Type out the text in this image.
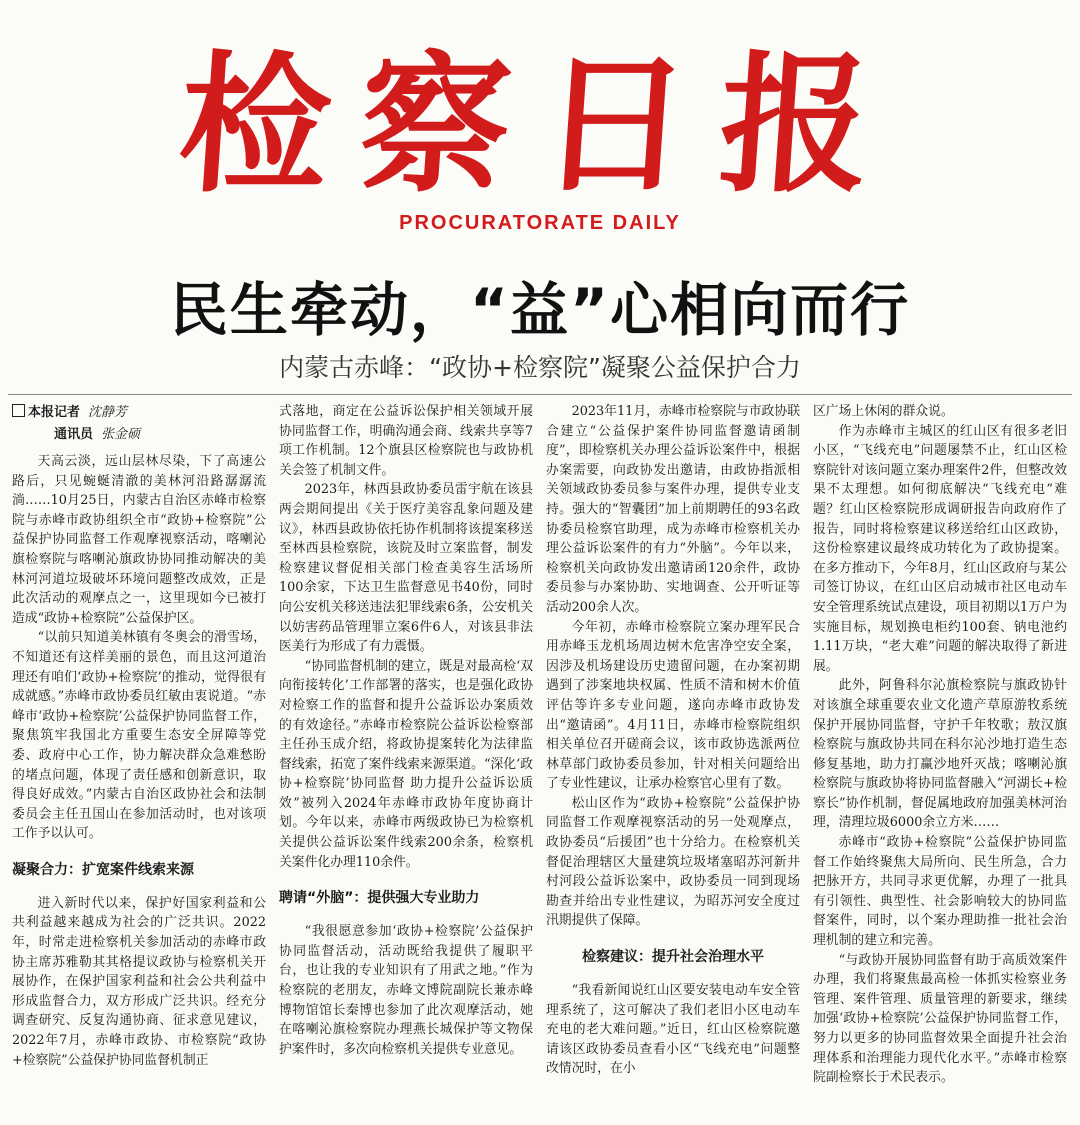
检察日报
PROCURATORATE DAILY
民生牵动，“益”心相向而行
内蒙古赤峰：“政协+检察院”凝聚公益保护合力
本报记者 沈静芳
通讯员 张金硕

天高云淡，远山层林尽染，下了高速公路后，只见蜿蜒清澈的美林河沿路潺潺流淌……10月25日，内蒙古自治区赤峰市检察院与赤峰市政协组织全市“政协+检察院”公益保护协同监督工作观摩视察活动，喀喇沁旗检察院与喀喇沁旗政协协同推动解决的美林河河道垃圾破坏环境问题整改成效，正是此次活动的观摩点之一，这里现如今已被打造成“政协+检察院”公益保护区。

“以前只知道美林镇有冬奥会的滑雪场，不知道还有这样美丽的景色，而且这河道治理还有咱们‘政协+检察院’的推动，觉得很有成就感。”赤峰市政协委员红敏由衷说道。“赤峰市‘政协+检察院’公益保护协同监督工作，聚焦筑牢我国北方重要生态安全屏障等党委、政府中心工作，协力解决群众急难愁盼的堵点问题，体现了责任感和创新意识，取得良好成效。”内蒙古自治区政协社会和法制委员会主任丑国山在参加活动时，也对该项工作予以认可。

凝聚合力：扩宽案件线索来源

进入新时代以来，保护好国家利益和公共利益越来越成为社会的广泛共识。2022年，时常走进检察机关参加活动的赤峰市政协主席苏雅勒其其格提议政协与检察机关开展协作，在保护国家利益和社会公共利益中形成监督合力，双方形成广泛共识。经充分调查研究、反复沟通协商、征求意见建议，2022年7月，赤峰市政协、市检察院“政协+检察院”公益保护协同监督机制正

式落地，商定在公益诉讼保护相关领域开展协同监督工作，明确沟通会商、线索共享等7项工作机制。12个旗县区检察院也与政协机关会签了机制文件。

2023年，林西县政协委员雷宇航在该县两会期间提出《关于医疗美容乱象问题及建议》，林西县政协依托协作机制将该提案移送至林西县检察院，该院及时立案监督，制发检察建议督促相关部门检查美容生活场所100余家，下达卫生监督意见书40份，同时向公安机关移送违法犯罪线索6条，公安机关以妨害药品管理罪立案6件6人，对该县非法医美行为形成了有力震慑。

“协同监督机制的建立，既是对最高检‘双向衔接转化’工作部署的落实，也是强化政协对检察工作的监督和提升公益诉讼办案质效的有效途径。”赤峰市检察院公益诉讼检察部主任孙玉成介绍，将政协提案转化为法律监督线索，拓宽了案件线索来源渠道。“深化‘政协+检察院’协同监督 助力提升公益诉讼质效”被列入2024年赤峰市政协年度协商计划。今年以来，赤峰市两级政协已为检察机关提供公益诉讼案件线索200余条，检察机关案件化办理110余件。

聘请“外脑”：提供强大专业助力

“我很愿意参加‘政协+检察院’公益保护协同监督活动，活动既给我提供了履职平台，也让我的专业知识有了用武之地。”作为检察院的老朋友，赤峰文博院副院长兼赤峰博物馆馆长秦博也参加了此次观摩活动，她在喀喇沁旗检察院办理燕长城保护等文物保护案件时，多次向检察机关提供专业意见。

2023年11月，赤峰市检察院与市政协联合建立“公益保护案件协同监督邀请函制度”，即检察机关办理公益诉讼案件中，根据办案需要，向政协发出邀请，由政协指派相关领域政协委员参与案件办理，提供专业支持。强大的“智囊团”加上前期聘任的93名政协委员检察官助理，成为赤峰市检察机关办理公益诉讼案件的有力“外脑”。今年以来，检察机关向政协发出邀请函120余件，政协委员参与办案协助、实地调查、公开听证等活动200余人次。

今年初，赤峰市检察院立案办理军民合用赤峰玉龙机场周边树木危害净空安全案，因涉及机场建设历史遗留问题，在办案初期遇到了涉案地块权属、性质不清和树木价值评估等许多专业问题，遂向赤峰市政协发出“邀请函”。4月11日，赤峰市检察院组织相关单位召开磋商会议，该市政协选派两位林草部门政协委员参加，针对相关问题给出了专业性建议，让承办检察官心里有了数。

松山区作为“政协+检察院”公益保护协同监督工作观摩视察活动的另一处观摩点，政协委员“后援团”也十分给力。在检察机关督促治理辖区大量建筑垃圾堵塞昭苏河新井村河段公益诉讼案中，政协委员一同到现场勘查并给出专业性建议，为昭苏河安全度过汛期提供了保障。

检察建议：提升社会治理水平

“我看新闻说红山区要安装电动车安全管理系统了，这可解决了我们老旧小区电动车充电的老大难问题。”近日，红山区检察院邀请该区政协委员查看小区“飞线充电”问题整改情况时，在小

区广场上休闲的群众说。

作为赤峰市主城区的红山区有很多老旧小区，“飞线充电”问题屡禁不止，红山区检察院针对该问题立案办理案件2件，但整改效果不太理想。如何彻底解决“飞线充电”难题？红山区检察院形成调研报告向政府作了报告，同时将检察建议移送给红山区政协，这份检察建议最终成功转化为了政协提案。在多方推动下，今年8月，红山区政府与某公司签订协议，在红山区启动城市社区电动车安全管理系统试点建设，项目初期以1万户为实施目标，规划换电柜约100套、钠电池约1.11万块，“老大难”问题的解决取得了新进展。

此外，阿鲁科尔沁旗检察院与旗政协针对该旗全球重要农业文化遗产草原游牧系统保护开展协同监督，守护千年牧歌；敖汉旗检察院与旗政协共同在科尔沁沙地打造生态修复基地，助力打赢沙地歼灭战；喀喇沁旗检察院与旗政协将协同监督融入“河湖长+检察长”协作机制，督促属地政府加强美林河治理，清理垃圾6000余立方米……

赤峰市“政协+检察院”公益保护协同监督工作始终聚焦大局所向、民生所急，合力把脉开方，共同寻求更优解，办理了一批具有引领性、典型性、社会影响较大的协同监督案件，同时，以个案办理助推一批社会治理机制的建立和完善。

“与政协开展协同监督有助于高质效案件办理，我们将聚焦最高检一体抓实检察业务管理、案件管理、质量管理的新要求，继续加强‘政协+检察院’公益保护协同监督工作，努力以更多的协同监督效果全面提升社会治理体系和治理能力现代化水平。”赤峰市检察院副检察长于术民表示。
